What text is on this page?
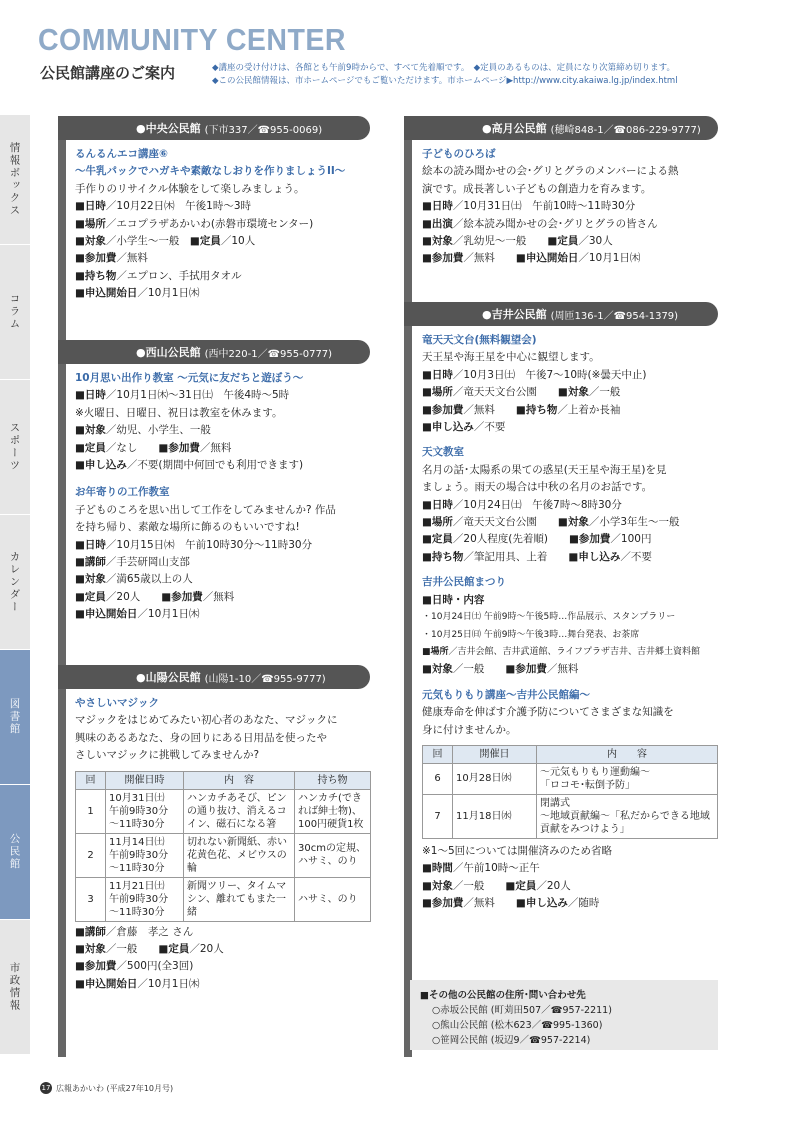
COMMUNITY CENTER
公民館講座のご案内	◆講座の受け付けは、各館とも午前9時からで、すべて先着順です。　◆定員のあるものは、定員になり次第締め切ります。
◆この公民館情報は、市ホームページでもご覧いただけます。市ホームページ▶http://www.city.akaiwa.lg.jp/index.html
情報ボックス
コラム
スポーツ
カレンダー
図書館
公民館
市政情報
●中央公民館 (下市337／☎955-0069)
るんるんエコ講座⑥
～牛乳パックでハガキや素敵なしおりを作りましょうII～
手作りのリサイクル体験をして楽しみましょう。
■日時／10月22日㈭　午後1時～3時
■場所／エコプラザあかいわ(赤磐市環境センター)
■対象／小学生～一般　■定員／10人
■参加費／無料
■持ち物／エプロン、手拭用タオル
■申込開始日／10月1日㈭
●西山公民館 (西中220-1／☎955-0777)
10月思い出作り教室 ～元気に友だちと遊ぼう～
■日時／10月1日㈭～31日㈯　午後4時～5時
※火曜日、日曜日、祝日は教室を休みます。
■対象／幼児、小学生、一般
■定員／なし　　■参加費／無料
■申し込み／不要(期間中何回でも利用できます)
お年寄りの工作教室
子どものころを思い出して工作をしてみませんか? 作品
を持ち帰り、素敵な場所に飾るのもいいですね!
■日時／10月15日㈭　午前10時30分～11時30分
■講師／手芸研岡山支部
■対象／満65歳以上の人
■定員／20人　　■参加費／無料
■申込開始日／10月1日㈭
●山陽公民館 (山陽1-10／☎955-9777)
やさしいマジック
マジックをはじめてみたい初心者のあなた、マジックに
興味のあるあなた、身の回りにある日用品を使ったや
さしいマジックに挑戦してみませんか?
回	開催日時	内　容	持ち物
1	10月31日㈯
午前9時30分
～11時30分	ハンカチあそび、ピンの通り抜け、消えるコイン、磁石になる箸	ハンカチ(できれば紳士物)、100円硬貨1枚
2	11月14日㈯
午前9時30分
～11時30分	切れない新聞紙、赤い花黄色花、メビウスの輪	30cmの定規、ハサミ、のり
3	11月21日㈯
午前9時30分
～11時30分	新聞ツリー、タイムマシン、離れてもまた一緒	ハサミ、のり
■講師／倉藤　孝之 さん
■対象／一般　　■定員／20人
■参加費／500円(全3回)
■申込開始日／10月1日㈭
●高月公民館 (穂崎848-1／☎086-229-9777)
子どものひろば
絵本の読み聞かせの会･グリとグラのメンバーによる熱
演です。成長著しい子どもの創造力を育みます。
■日時／10月31日㈯　午前10時～11時30分
■出演／絵本読み聞かせの会･グリとグラの皆さん
■対象／乳幼児～一般　　■定員／30人
■参加費／無料　　■申込開始日／10月1日㈭
●吉井公民館 (周匝136-1／☎954-1379)
竜天天文台(無料観望会)
天王星や海王星を中心に観望します。
■日時／10月3日㈯　午後7～10時(※曇天中止)
■場所／竜天天文台公園　　■対象／一般
■参加費／無料　　■持ち物／上着か長袖
■申し込み／不要
天文教室
名月の話･太陽系の果ての惑星(天王星や海王星)を見
ましょう。雨天の場合は中秋の名月のお話です。
■日時／10月24日㈯　午後7時～8時30分
■場所／竜天天文台公園　　■対象／小学3年生～一般
■定員／20人程度(先着順)　　■参加費／100円
■持ち物／筆記用具、上着　　■申し込み／不要
吉井公民館まつり
■日時・内容
・10月24日㈯ 午前9時～午後5時…作品展示、スタンプラリー
・10月25日㈰ 午前9時～午後3時…舞台発表、お茶席
■場所／吉井会館、吉井武道館、ライフプラザ吉井、吉井郷土資料館
■対象／一般　　■参加費／無料
元気もりもり講座～吉井公民館編～
健康寿命を伸ばす介護予防についてさまざまな知識を
身に付けませんか。
回	開催日	内　　容
6	10月28日㈬	～元気もりもり運動編～
「ロコモ･転倒予防」
7	11月18日㈬	閉講式
～地域貢献編～「私だからできる地域貢献をみつけよう」
※1～5回については開催済みのため省略
■時間／午前10時～正午
■対象／一般　　■定員／20人
■参加費／無料　　■申し込み／随時
■その他の公民館の住所･問い合わせ先
○赤坂公民館 (町苅田507／☎957-2211)
○熊山公民館 (松木623／☎995-1360)
○笹岡公民館 (坂辺9／☎957-2214)
17 広報あかいわ (平成27年10月号)
